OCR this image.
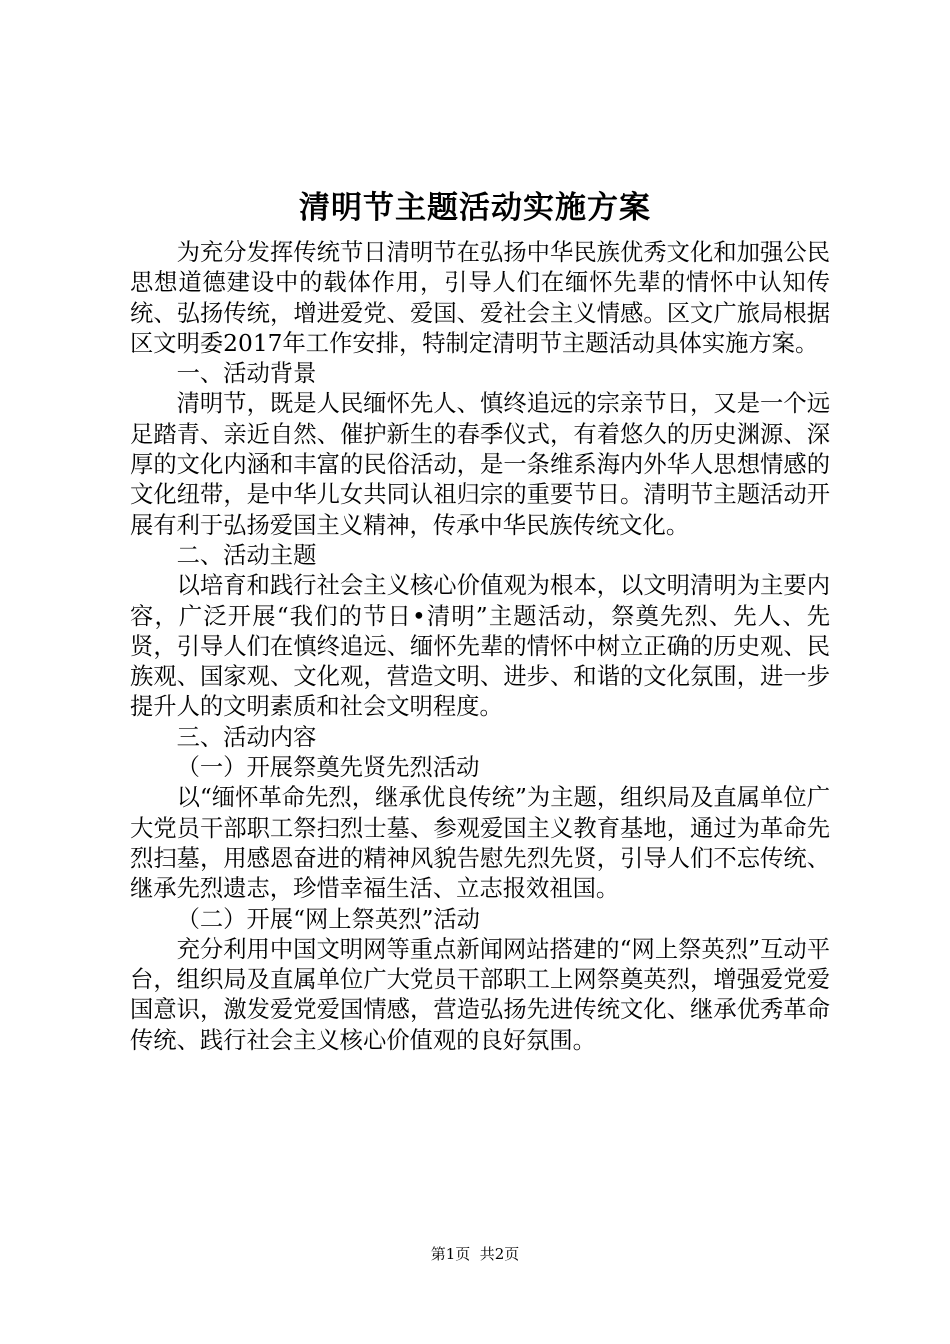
清明节主题活动实施方案

为充分发挥传统节日清明节在弘扬中华民族优秀文化和加强公民思想道德建设中的载体作用，引导人们在缅怀先辈的情怀中认知传统、弘扬传统，增进爱党、爱国、爱社会主义情感。区文广旅局根据区文明委2017年工作安排，特制定清明节主题活动具体实施方案。

一、活动背景

清明节，既是人民缅怀先人、慎终追远的宗亲节日，又是一个远足踏青、亲近自然、催护新生的春季仪式，有着悠久的历史渊源、深厚的文化内涵和丰富的民俗活动，是一条维系海内外华人思想情感的文化纽带，是中华儿女共同认祖归宗的重要节日。清明节主题活动开展有利于弘扬爱国主义精神，传承中华民族传统文化。

二、活动主题

以培育和践行社会主义核心价值观为根本，以文明清明为主要内容，广泛开展“我们的节日•清明”主题活动，祭奠先烈、先人、先贤，引导人们在慎终追远、缅怀先辈的情怀中树立正确的历史观、民族观、国家观、文化观，营造文明、进步、和谐的文化氛围，进一步提升人的文明素质和社会文明程度。

三、活动内容

（一）开展祭奠先贤先烈活动

以“缅怀革命先烈，继承优良传统”为主题，组织局及直属单位广大党员干部职工祭扫烈士墓、参观爱国主义教育基地，通过为革命先烈扫墓，用感恩奋进的精神风貌告慰先烈先贤，引导人们不忘传统、继承先烈遗志，珍惜幸福生活、立志报效祖国。

（二）开展“网上祭英烈”活动

充分利用中国文明网等重点新闻网站搭建的“网上祭英烈”互动平台，组织局及直属单位广大党员干部职工上网祭奠英烈，增强爱党爱国意识，激发爱党爱国情感，营造弘扬先进传统文化、继承优秀革命传统、践行社会主义核心价值观的良好氛围。

第1页  共2页
